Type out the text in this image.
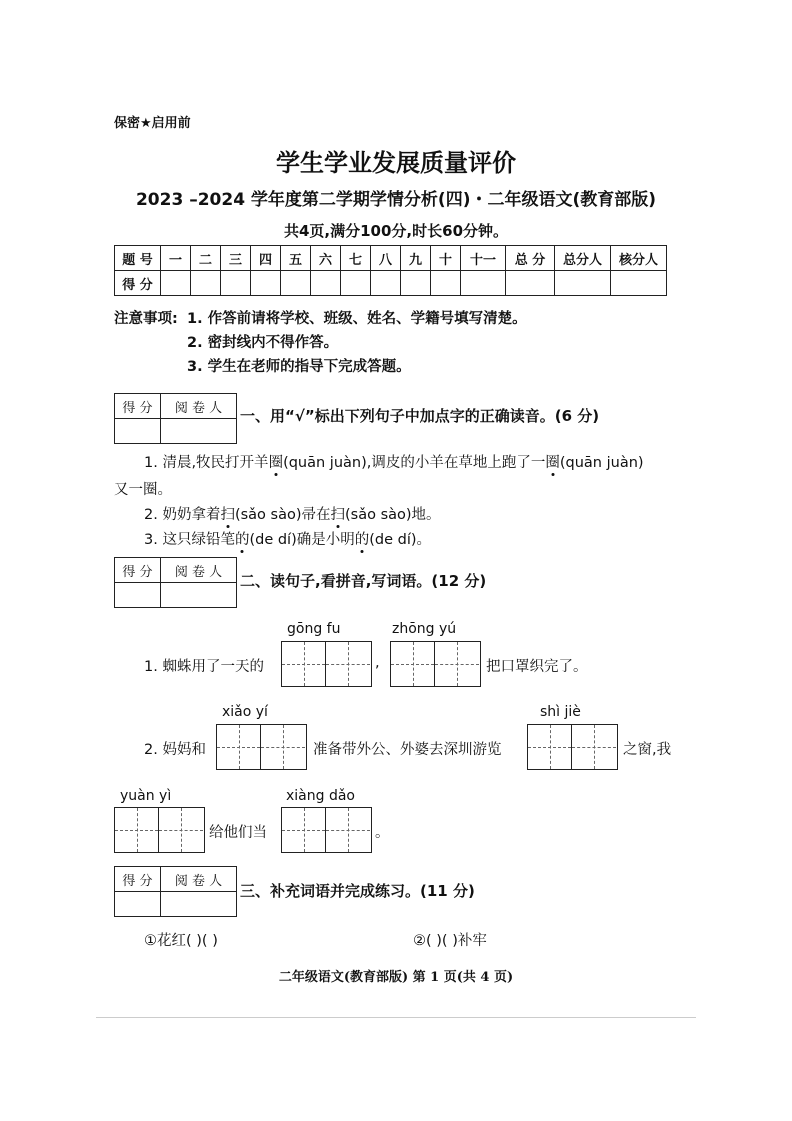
保密★启用前
学生学业发展质量评价
2023 –2024 学年度第二学期学情分析(四)・二年级语文(教育部版)
共4页,满分100分,时长60分钟。
题 号	一	二	三	四	五	六	七	八	九	十	十一	总 分	总分人	核分人
得 分														
注意事项: 1. 作答前请将学校、班级、姓名、学籍号填写清楚。
2. 密封线内不得作答。
3. 学生在老师的指导下完成答题。
得 分	阅 卷 人
	一、用“√”标出下列句子中加点字的正确读音。(6 分)
1. 清晨,牧民打开羊圈(quān juàn),调皮的小羊在草地上跑了一圈(quān juàn)
又一圈。
2. 奶奶拿着扫(sǎo sào)帚在扫(sǎo sào)地。
3. 这只绿铅笔的(de dí)确是小明的(de dí)。
得 分	阅 卷 人
	二、读句子,看拼音,写词语。(12 分)
gōng fu	zhōng yú
1. 蜘蛛用了一天的	,	把口罩织完了。
xiǎo yí	shì jiè
2. 妈妈和	准备带外公、外婆去深圳游览	之窗,我
yuàn yì	xiàng dǎo
给他们当	。
得 分	阅 卷 人

三、补充词语并完成练习。(11 分)
①花红( )( )	②( )( )补牢
二年级语文(教育部版) 第 1 页(共 4 页)
